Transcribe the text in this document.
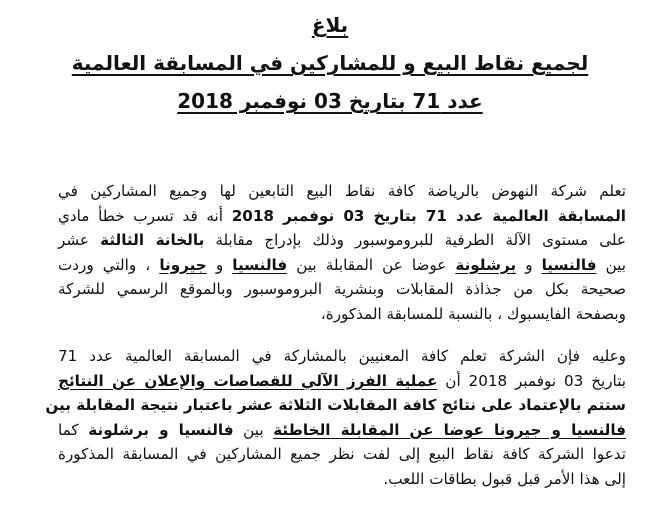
بلاغ
لجميع نقاط البيع و للمشاركين في المسابقة العالمية
عدد 71 بتاريخ 03 نوفمبر 2018
تعلم شركة النهوض بالرياضة كافة نقاط البيع التابعين لها وجميع المشاركين في
المسابقة العالمية عدد 71 بتاريخ 03 نوفمبر 2018 أنه قد تسرب خطأ مادي
على مستوى الآلة الطرفية للبروموسبور وذلك بإدراج مقابلة بالخانة الثالثة عشر
بين فالنسيا و برشلونة عوضا عن المقابلة بين فالنسيا و جيرونا ، والتي وردت
صحيحة بكل من جذاذة المقابلات وبنشرية البروموسبور وبالموقع الرسمي للشركة
وبصفحة الفايسبوك ، بالنسبة للمسابقة المذكورة،
وعليه فإن الشركة تعلم كافة المعنيين بالمشاركة في المسابقة العالمية عدد 71
بتاريخ 03 نوفمبر 2018 أن عملية الفرز الآلي للقصاصات والإعلان عن النتائج
ستتم بالإعتماد على نتائج كافة المقابلات الثلاثة عشر باعتبار نتيجة المقابلة بين
فالنسيا و جيرونا عوضا عن المقابلة الخاطئة بين فالنسيا و برشلونة كما
تدعوا الشركة كافة نقاط البيع إلى لفت نظر جميع المشاركين في المسابقة المذكورة
إلى هذا الأمر قبل قبول بطاقات اللعب.
